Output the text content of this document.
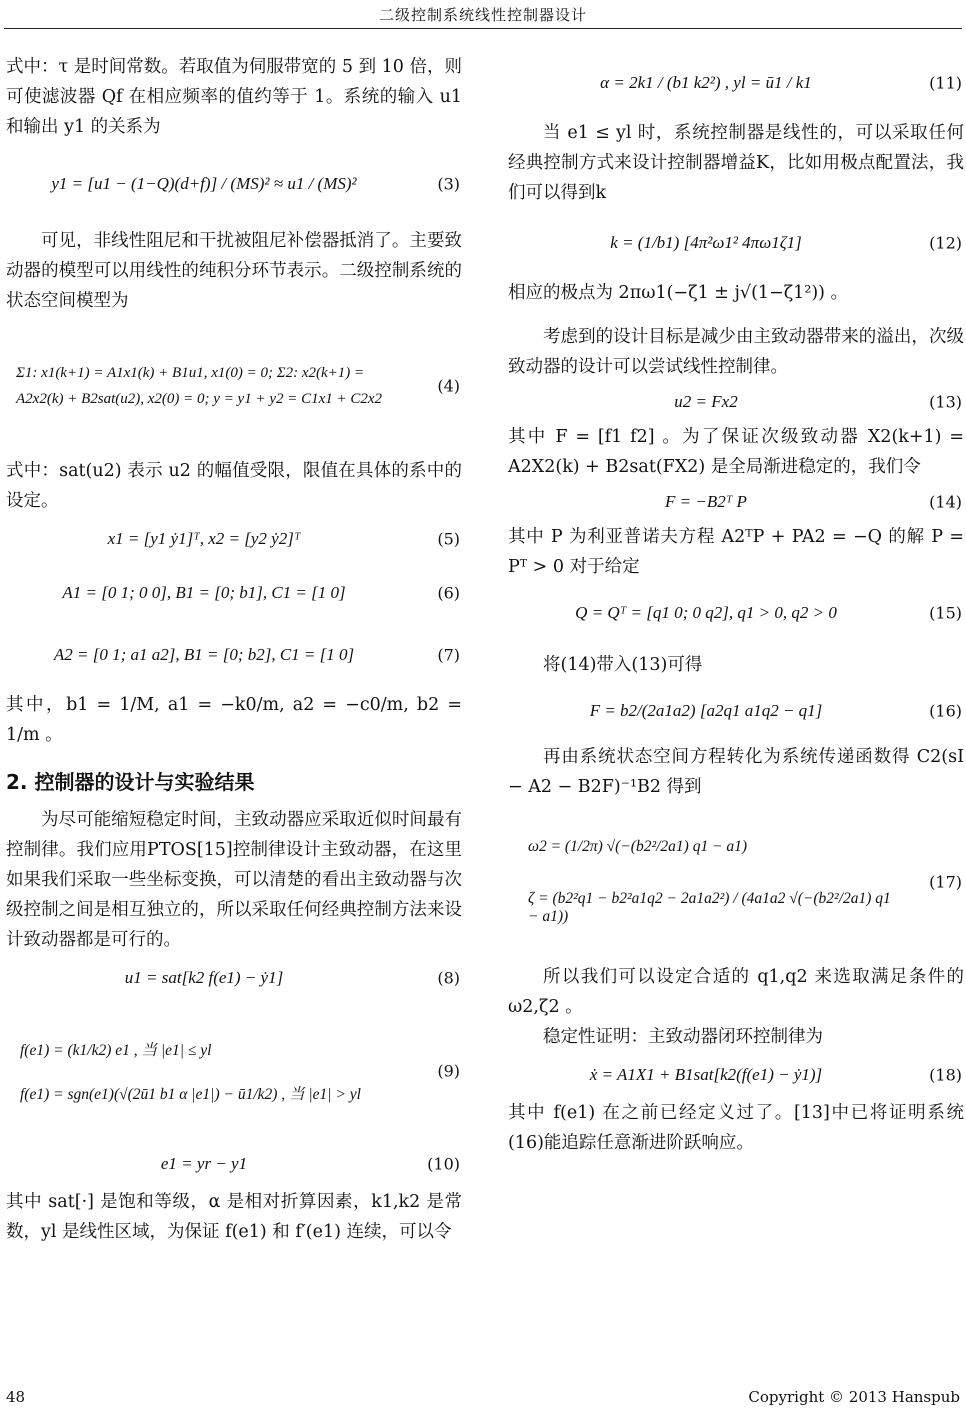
二级控制系统线性控制器设计

式中：τ 是时间常数。若取值为伺服带宽的 5 到 10 倍，则可使滤波器 Qf 在相应频率的值约等于 1。系统的输入 u1 和输出 y1 的关系为

y1 = [u1 − (1−Q)(d+f)] / (MS)² ≈ u1 / (MS)²	(3)

可见，非线性阻尼和干扰被阻尼补偿器抵消了。主要致动器的模型可以用线性的纯积分环节表示。二级控制系统的状态空间模型为

Σ1: x1(k+1) = A1x1(k) + B1u1, x1(0) = 0; Σ2: x2(k+1) = A2x2(k) + B2sat(u2), x2(0) = 0; y = y1 + y2 = C1x1 + C2x2
(4)

式中：sat(u2) 表示 u2 的幅值受限，限值在具体的系中的设定。

x1 = [y1 ẏ1]ᵀ, x2 = [y2 ẏ2]ᵀ	(5)
A1 = [0 1; 0 0], B1 = [0; b1], C1 = [1 0]	(6)
A2 = [0 1; a1 a2], B1 = [0; b2], C1 = [1 0]	(7)

其中，b1 = 1/M, a1 = −k0/m, a2 = −c0/m, b2 = 1/m 。

2. 控制器的设计与实验结果

为尽可能缩短稳定时间，主致动器应采取近似时间最有控制律。我们应用PTOS[15]控制律设计主致动器，在这里如果我们采取一些坐标变换，可以清楚的看出主致动器与次级控制之间是相互独立的，所以采取任何经典控制方法来设计致动器都是可行的。

u1 = sat[k2 f(e1) − ẏ1]	(8)
f(e1) = (k1/k2) e1 , 当 |e1| ≤ yl
f(e1) = sgn(e1)(√(2ū1 b1 α |e1|) − ū1/k2) , 当 |e1| > yl
(9)
e1 = yr − y1	(10)

其中 sat[·] 是饱和等级，α 是相对折算因素，k1,k2 是常数，yl 是线性区域，为保证 f(e1) 和 f′(e1) 连续，可以令

α = 2k1 / (b1 k2²) , yl = ū1 / k1	(11)

当 e1 ≤ yl 时，系统控制器是线性的，可以采取任何经典控制方式来设计控制器增益K，比如用极点配置法，我们可以得到k

k = (1/b1) [4π²ω1² 4πω1ζ1]	(12)

相应的极点为 2πω1(−ζ1 ± j√(1−ζ1²)) 。

考虑到的设计目标是减少由主致动器带来的溢出，次级致动器的设计可以尝试线性控制律。

u2 = Fx2	(13)

其中 F = [f1 f2] 。为了保证次级致动器 X2(k+1) = A2X2(k) + B2sat(FX2) 是全局渐进稳定的，我们令

F = −B2ᵀ P	(14)

其中 P 为利亚普诺夫方程 A2ᵀP + PA2 = −Q 的解 P = Pᵀ > 0 对于给定

Q = Qᵀ = [q1 0; 0 q2], q1 > 0, q2 > 0	(15)

将(14)带入(13)可得

F = b2/(2a1a2) [a2q1 a1q2 − q1]	(16)

再由系统状态空间方程转化为系统传递函数得 C2(sI − A2 − B2F)⁻¹B2 得到

ω2 = (1/2π) √(−(b2²/2a1) q1 − a1)
ζ = (b2²q1 − b2²a1q2 − 2a1a2²) / (4a1a2 √(−(b2²/2a1) q1 − a1))
(17)

所以我们可以设定合适的 q1,q2 来选取满足条件的 ω2,ζ2 。

稳定性证明：主致动器闭环控制律为

ẋ = A1X1 + B1sat[k2(f(e1) − ẏ1)]	(18)

其中 f(e1) 在之前已经定义过了。[13]中已将证明系统(16)能追踪任意渐进阶跃响应。

48	Copyright © 2013 Hanspub
